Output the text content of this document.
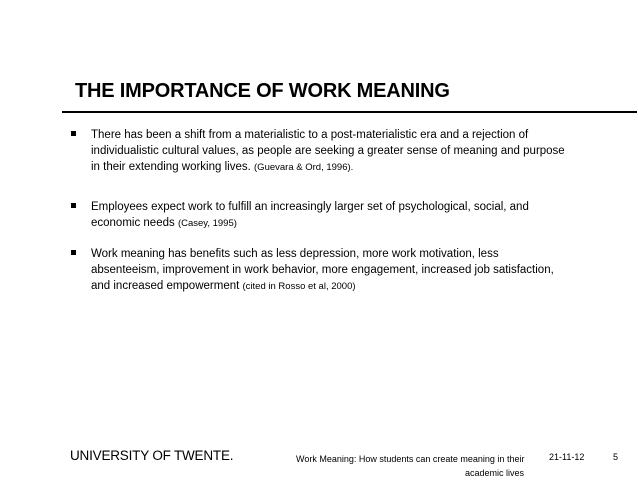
THE IMPORTANCE OF WORK MEANING
There has been a shift from a materialistic to a post-materialistic era and a rejection of
individualistic cultural values, as people are seeking a greater sense of meaning and purpose
in their extending working lives. (Guevara & Ord, 1996).
Employees expect work to fulfill an increasingly larger set of psychological, social, and
economic needs (Casey, 1995)
Work meaning has benefits such as less depression, more work motivation, less
absenteeism, improvement in work behavior, more engagement, increased job satisfaction,
and increased empowerment (cited in Rosso et al, 2000)
UNIVERSITY OF TWENTE.	Work Meaning: How students can create meaning in their
academic lives
21-11-12	5
